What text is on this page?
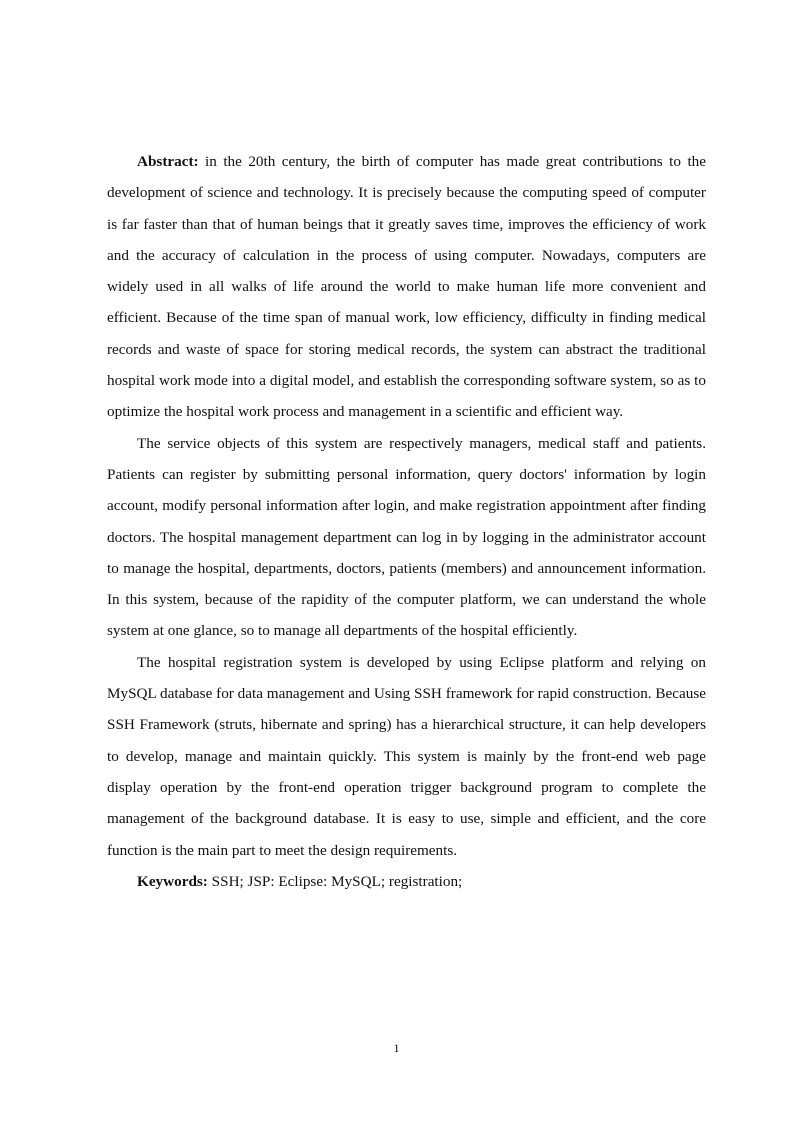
Abstract: in the 20th century, the birth of computer has made great contributions to the development of science and technology. It is precisely because the computing speed of computer is far faster than that of human beings that it greatly saves time, improves the efficiency of work and the accuracy of calculation in the process of using computer. Nowadays, computers are widely used in all walks of life around the world to make human life more convenient and efficient. Because of the time span of manual work, low efficiency, difficulty in finding medical records and waste of space for storing medical records, the system can abstract the traditional hospital work mode into a digital model, and establish the corresponding software system, so as to optimize the hospital work process and management in a scientific and efficient way.

The service objects of this system are respectively managers, medical staff and patients. Patients can register by submitting personal information, query doctors' information by login account, modify personal information after login, and make registration appointment after finding doctors. The hospital management department can log in by logging in the administrator account to manage the hospital, departments, doctors, patients (members) and announcement information. In this system, because of the rapidity of the computer platform, we can understand the whole system at one glance, so to manage all departments of the hospital efficiently.

The hospital registration system is developed by using Eclipse platform and relying on MySQL database for data management and Using SSH framework for rapid construction. Because SSH Framework (struts, hibernate and spring) has a hierarchical structure, it can help developers to develop, manage and maintain quickly. This system is mainly by the front-end web page display operation by the front-end operation trigger background program to complete the management of the background database. It is easy to use, simple and efficient, and the core function is the main part to meet the design requirements.

Keywords: SSH; JSP: Eclipse: MySQL; registration;

1
